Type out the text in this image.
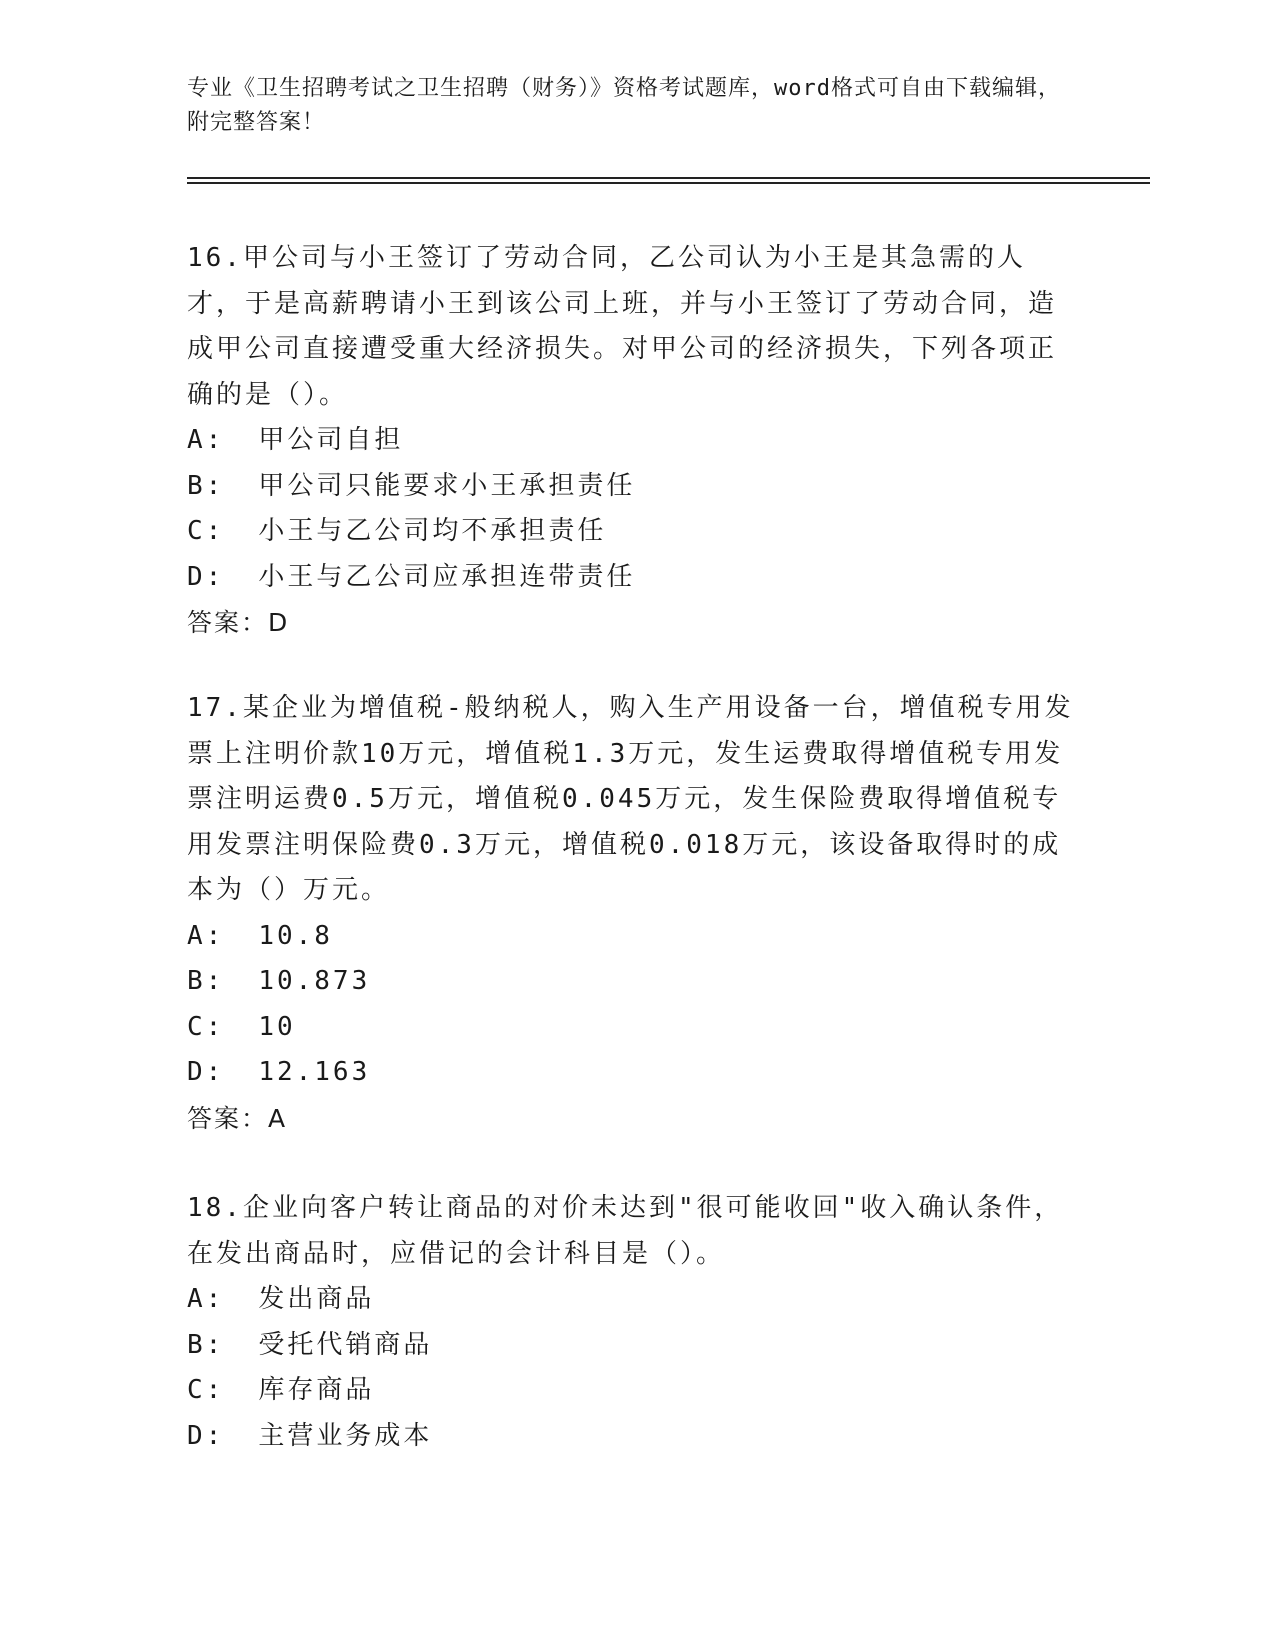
专业《卫生招聘考试之卫生招聘（财务）》资格考试题库，word格式可自由下载编辑，附完整答案！

16.甲公司与小王签订了劳动合同，乙公司认为小王是其急需的人才，于是高薪聘请小王到该公司上班，并与小王签订了劳动合同，造成甲公司直接遭受重大经济损失。对甲公司的经济损失，下列各项正确的是（）。

A: 甲公司自担
B: 甲公司只能要求小王承担责任
C: 小王与乙公司均不承担责任
D: 小王与乙公司应承担连带责任
答案：D

17.某企业为增值税-般纳税人，购入生产用设备一台，增值税专用发票上注明价款10万元，增值税1.3万元，发生运费取得增值税专用发票注明运费0.5万元，增值税0.045万元，发生保险费取得增值税专用发票注明保险费0.3万元，增值税0.018万元，该设备取得时的成本为（）万元。

A: 10.8
B: 10.873
C: 10
D: 12.163
答案：A

18.企业向客户转让商品的对价未达到"很可能收回"收入确认条件，在发出商品时，应借记的会计科目是（）。

A: 发出商品
B: 受托代销商品
C: 库存商品
D: 主营业务成本
